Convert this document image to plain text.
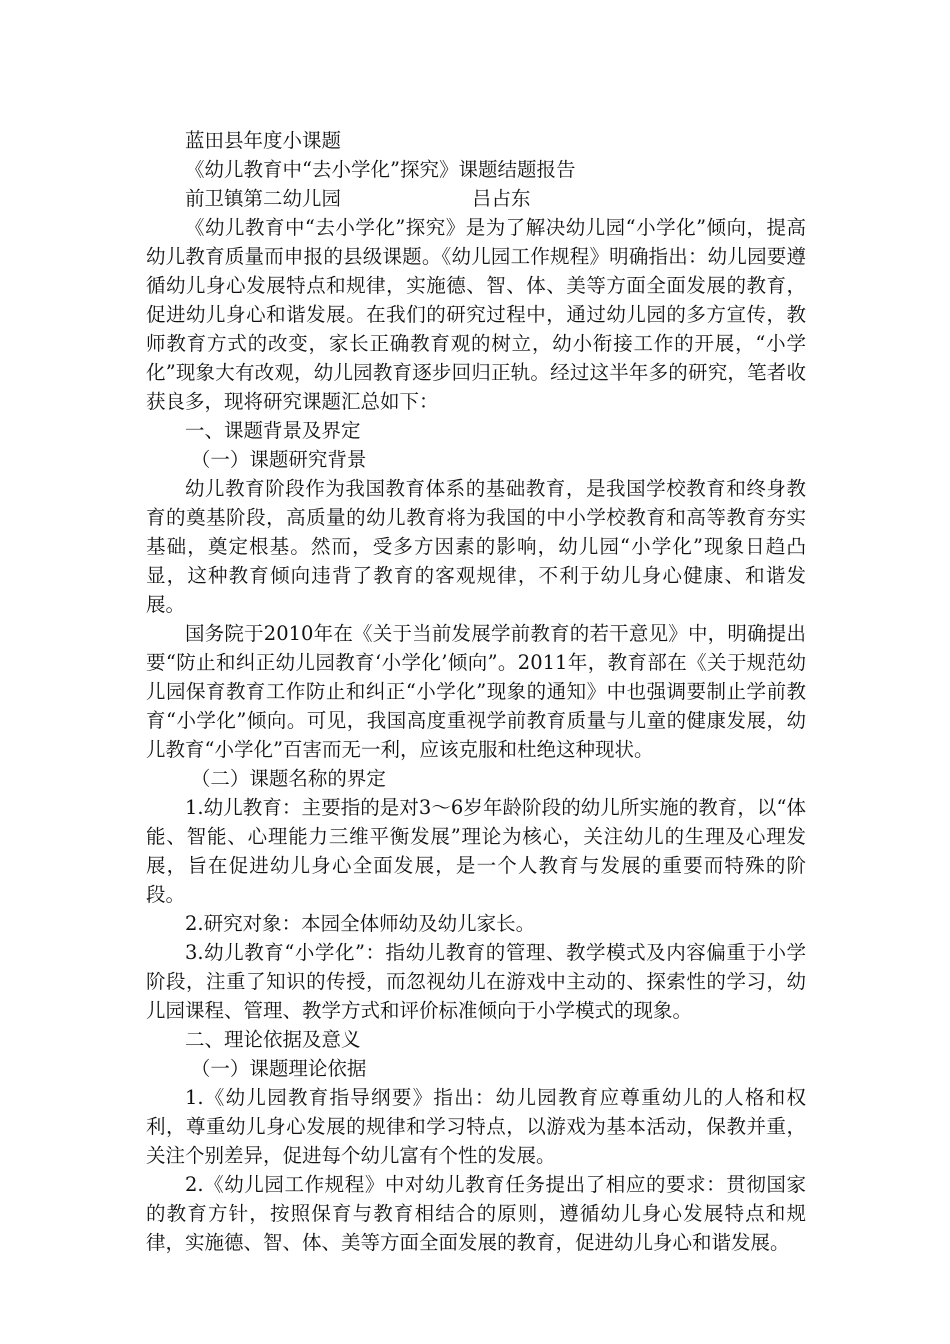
蓝田县年度小课题
《幼儿教育中“去小学化”探究》课题结题报告
前卫镇第二幼儿园	吕占东
《幼儿教育中“去小学化”探究》是为了解决幼儿园“小学化”倾向，提高幼儿教育质量而申报的县级课题。《幼儿园工作规程》明确指出：幼儿园要遵循幼儿身心发展特点和规律，实施德、智、体、美等方面全面发展的教育，促进幼儿身心和谐发展。在我们的研究过程中，通过幼儿园的多方宣传，教师教育方式的改变，家长正确教育观的树立，幼小衔接工作的开展，“小学化”现象大有改观，幼儿园教育逐步回归正轨。经过这半年多的研究，笔者收获良多，现将研究课题汇总如下：
一、课题背景及界定
（一）课题研究背景
幼儿教育阶段作为我国教育体系的基础教育，是我国学校教育和终身教育的奠基阶段，高质量的幼儿教育将为我国的中小学校教育和高等教育夯实基础，奠定根基。然而，受多方因素的影响，幼儿园“小学化”现象日趋凸显，这种教育倾向违背了教育的客观规律，不利于幼儿身心健康、和谐发展。
国务院于2010年在《关于当前发展学前教育的若干意见》中，明确提出要“防止和纠正幼儿园教育‘小学化’倾向”。2011年，教育部在《关于规范幼儿园保育教育工作防止和纠正“小学化”现象的通知》中也强调要制止学前教育“小学化”倾向。可见，我国高度重视学前教育质量与儿童的健康发展，幼儿教育“小学化”百害而无一利，应该克服和杜绝这种现状。
（二）课题名称的界定
1.幼儿教育：主要指的是对3～6岁年龄阶段的幼儿所实施的教育，以“体能、智能、心理能力三维平衡发展”理论为核心，关注幼儿的生理及心理发展，旨在促进幼儿身心全面发展，是一个人教育与发展的重要而特殊的阶段。
2.研究对象：本园全体师幼及幼儿家长。
3.幼儿教育“小学化”：指幼儿教育的管理、教学模式及内容偏重于小学阶段，注重了知识的传授，而忽视幼儿在游戏中主动的、探索性的学习，幼儿园课程、管理、教学方式和评价标准倾向于小学模式的现象。
二、理论依据及意义
（一）课题理论依据
1.《幼儿园教育指导纲要》指出：幼儿园教育应尊重幼儿的人格和权利，尊重幼儿身心发展的规律和学习特点，以游戏为基本活动，保教并重，关注个别差异，促进每个幼儿富有个性的发展。
2.《幼儿园工作规程》中对幼儿教育任务提出了相应的要求：贯彻国家的教育方针，按照保育与教育相结合的原则，遵循幼儿身心发展特点和规律，实施德、智、体、美等方面全面发展的教育，促进幼儿身心和谐发展。
